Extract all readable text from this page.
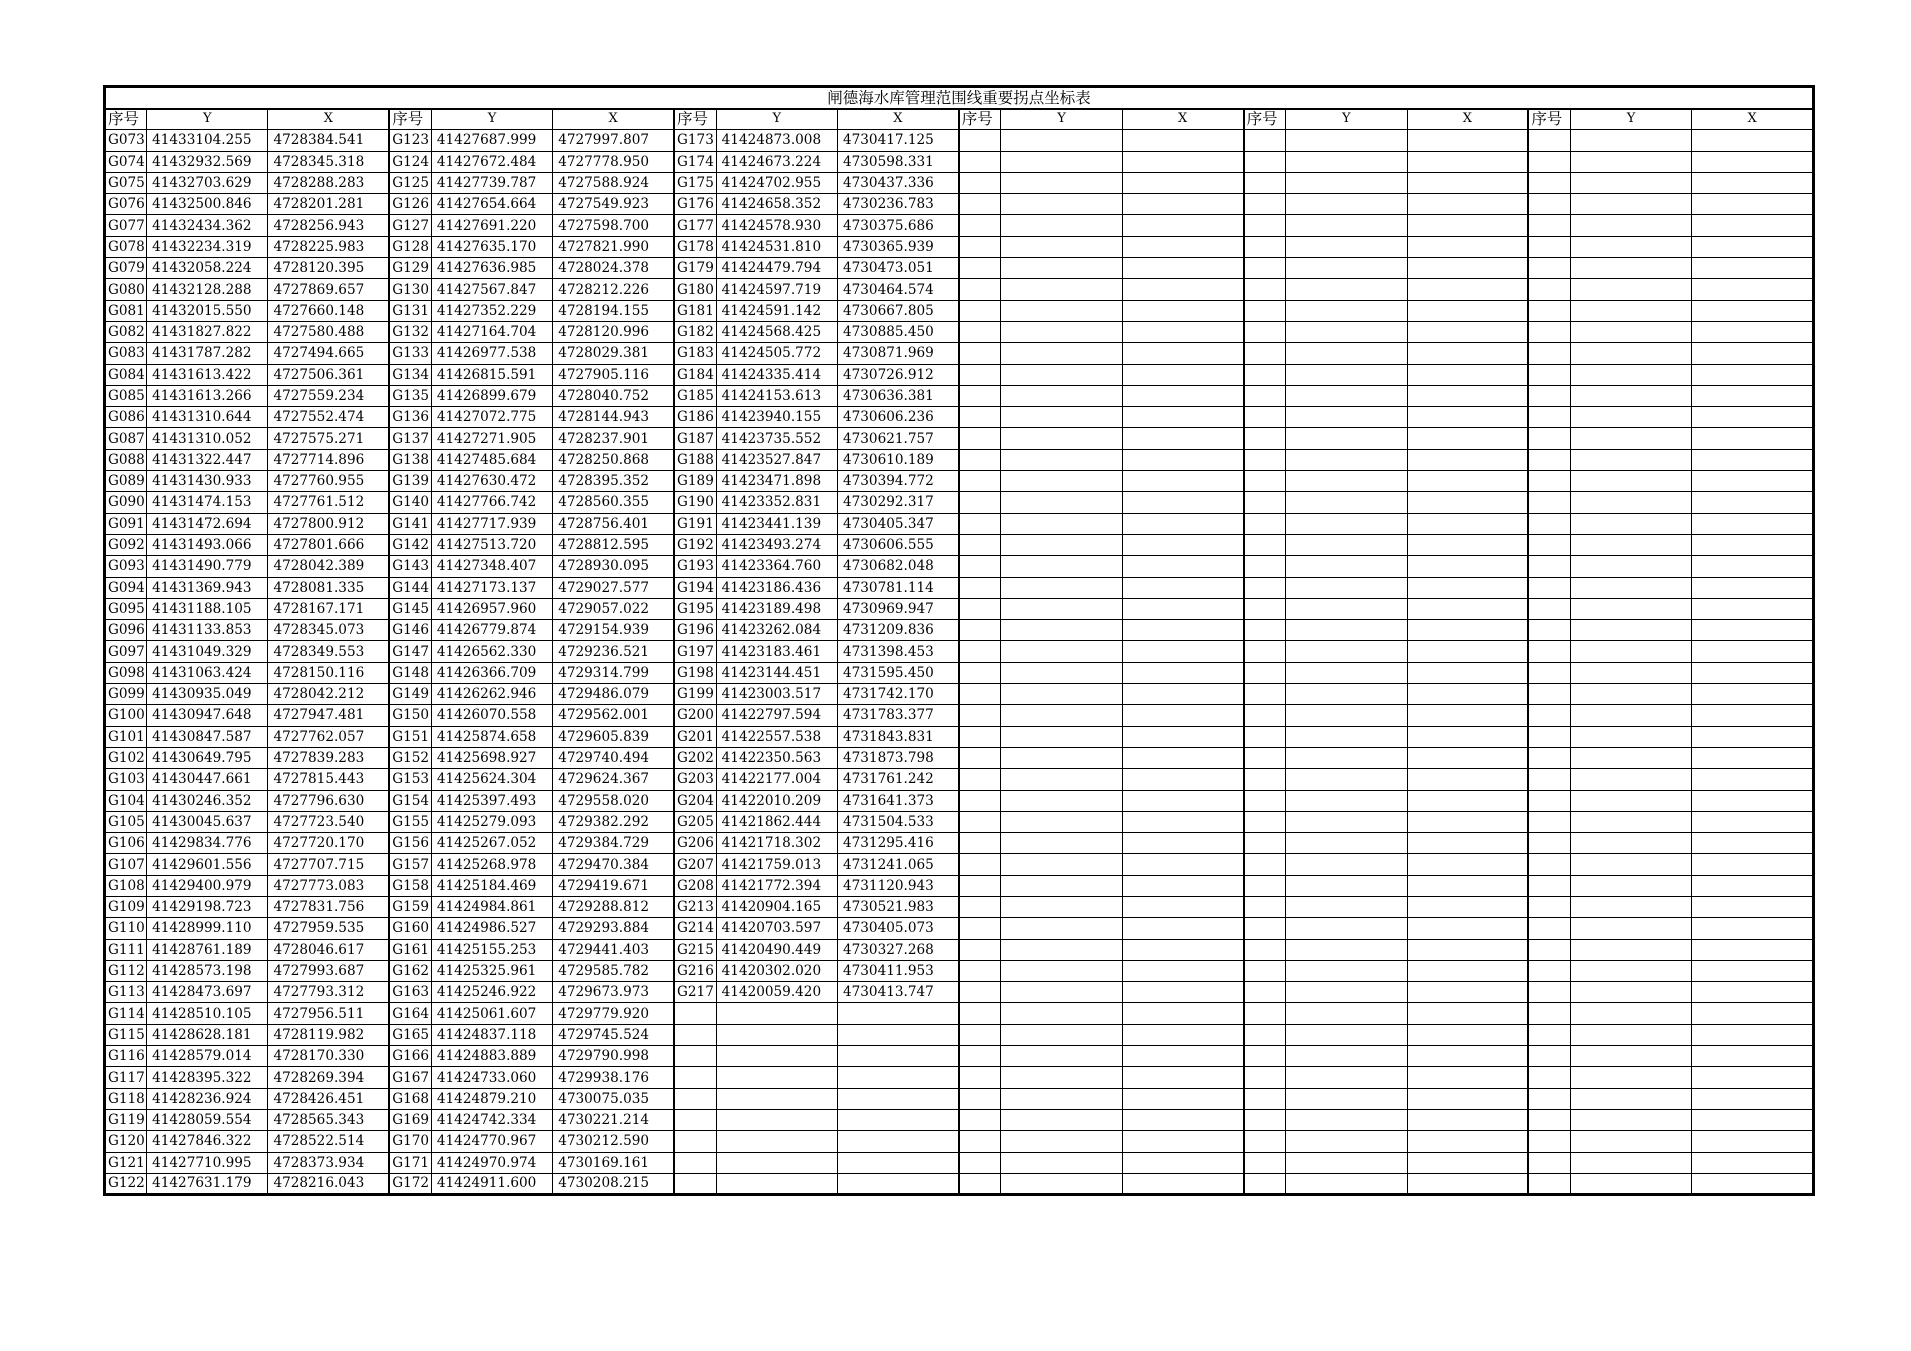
闸德海水库管理范围线重要拐点坐标表																	
序号	Y	X	序号	Y	X	序号	Y	X	序号	Y	X	序号	Y	X	序号	Y	X
G073	41433104.255	4728384.541	G123	41427687.999	4727997.807	G173	41424873.008	4730417.125									
G074	41432932.569	4728345.318	G124	41427672.484	4727778.950	G174	41424673.224	4730598.331									
G075	41432703.629	4728288.283	G125	41427739.787	4727588.924	G175	41424702.955	4730437.336									
G076	41432500.846	4728201.281	G126	41427654.664	4727549.923	G176	41424658.352	4730236.783									
G077	41432434.362	4728256.943	G127	41427691.220	4727598.700	G177	41424578.930	4730375.686									
G078	41432234.319	4728225.983	G128	41427635.170	4727821.990	G178	41424531.810	4730365.939									
G079	41432058.224	4728120.395	G129	41427636.985	4728024.378	G179	41424479.794	4730473.051									
G080	41432128.288	4727869.657	G130	41427567.847	4728212.226	G180	41424597.719	4730464.574									
G081	41432015.550	4727660.148	G131	41427352.229	4728194.155	G181	41424591.142	4730667.805									
G082	41431827.822	4727580.488	G132	41427164.704	4728120.996	G182	41424568.425	4730885.450									
G083	41431787.282	4727494.665	G133	41426977.538	4728029.381	G183	41424505.772	4730871.969									
G084	41431613.422	4727506.361	G134	41426815.591	4727905.116	G184	41424335.414	4730726.912									
G085	41431613.266	4727559.234	G135	41426899.679	4728040.752	G185	41424153.613	4730636.381									
G086	41431310.644	4727552.474	G136	41427072.775	4728144.943	G186	41423940.155	4730606.236									
G087	41431310.052	4727575.271	G137	41427271.905	4728237.901	G187	41423735.552	4730621.757									
G088	41431322.447	4727714.896	G138	41427485.684	4728250.868	G188	41423527.847	4730610.189									
G089	41431430.933	4727760.955	G139	41427630.472	4728395.352	G189	41423471.898	4730394.772									
G090	41431474.153	4727761.512	G140	41427766.742	4728560.355	G190	41423352.831	4730292.317									
G091	41431472.694	4727800.912	G141	41427717.939	4728756.401	G191	41423441.139	4730405.347									
G092	41431493.066	4727801.666	G142	41427513.720	4728812.595	G192	41423493.274	4730606.555									
G093	41431490.779	4728042.389	G143	41427348.407	4728930.095	G193	41423364.760	4730682.048									
G094	41431369.943	4728081.335	G144	41427173.137	4729027.577	G194	41423186.436	4730781.114									
G095	41431188.105	4728167.171	G145	41426957.960	4729057.022	G195	41423189.498	4730969.947									
G096	41431133.853	4728345.073	G146	41426779.874	4729154.939	G196	41423262.084	4731209.836									
G097	41431049.329	4728349.553	G147	41426562.330	4729236.521	G197	41423183.461	4731398.453									
G098	41431063.424	4728150.116	G148	41426366.709	4729314.799	G198	41423144.451	4731595.450									
G099	41430935.049	4728042.212	G149	41426262.946	4729486.079	G199	41423003.517	4731742.170									
G100	41430947.648	4727947.481	G150	41426070.558	4729562.001	G200	41422797.594	4731783.377									
G101	41430847.587	4727762.057	G151	41425874.658	4729605.839	G201	41422557.538	4731843.831									
G102	41430649.795	4727839.283	G152	41425698.927	4729740.494	G202	41422350.563	4731873.798									
G103	41430447.661	4727815.443	G153	41425624.304	4729624.367	G203	41422177.004	4731761.242									
G104	41430246.352	4727796.630	G154	41425397.493	4729558.020	G204	41422010.209	4731641.373									
G105	41430045.637	4727723.540	G155	41425279.093	4729382.292	G205	41421862.444	4731504.533									
G106	41429834.776	4727720.170	G156	41425267.052	4729384.729	G206	41421718.302	4731295.416									
G107	41429601.556	4727707.715	G157	41425268.978	4729470.384	G207	41421759.013	4731241.065									
G108	41429400.979	4727773.083	G158	41425184.469	4729419.671	G208	41421772.394	4731120.943									
G109	41429198.723	4727831.756	G159	41424984.861	4729288.812	G213	41420904.165	4730521.983									
G110	41428999.110	4727959.535	G160	41424986.527	4729293.884	G214	41420703.597	4730405.073									
G111	41428761.189	4728046.617	G161	41425155.253	4729441.403	G215	41420490.449	4730327.268									
G112	41428573.198	4727993.687	G162	41425325.961	4729585.782	G216	41420302.020	4730411.953									
G113	41428473.697	4727793.312	G163	41425246.922	4729673.973	G217	41420059.420	4730413.747									
G114	41428510.105	4727956.511	G164	41425061.607	4729779.920												
G115	41428628.181	4728119.982	G165	41424837.118	4729745.524												
G116	41428579.014	4728170.330	G166	41424883.889	4729790.998												
G117	41428395.322	4728269.394	G167	41424733.060	4729938.176												
G118	41428236.924	4728426.451	G168	41424879.210	4730075.035												
G119	41428059.554	4728565.343	G169	41424742.334	4730221.214												
G120	41427846.322	4728522.514	G170	41424770.967	4730212.590												
G121	41427710.995	4728373.934	G171	41424970.974	4730169.161												
G122	41427631.179	4728216.043	G172	41424911.600	4730208.215												
